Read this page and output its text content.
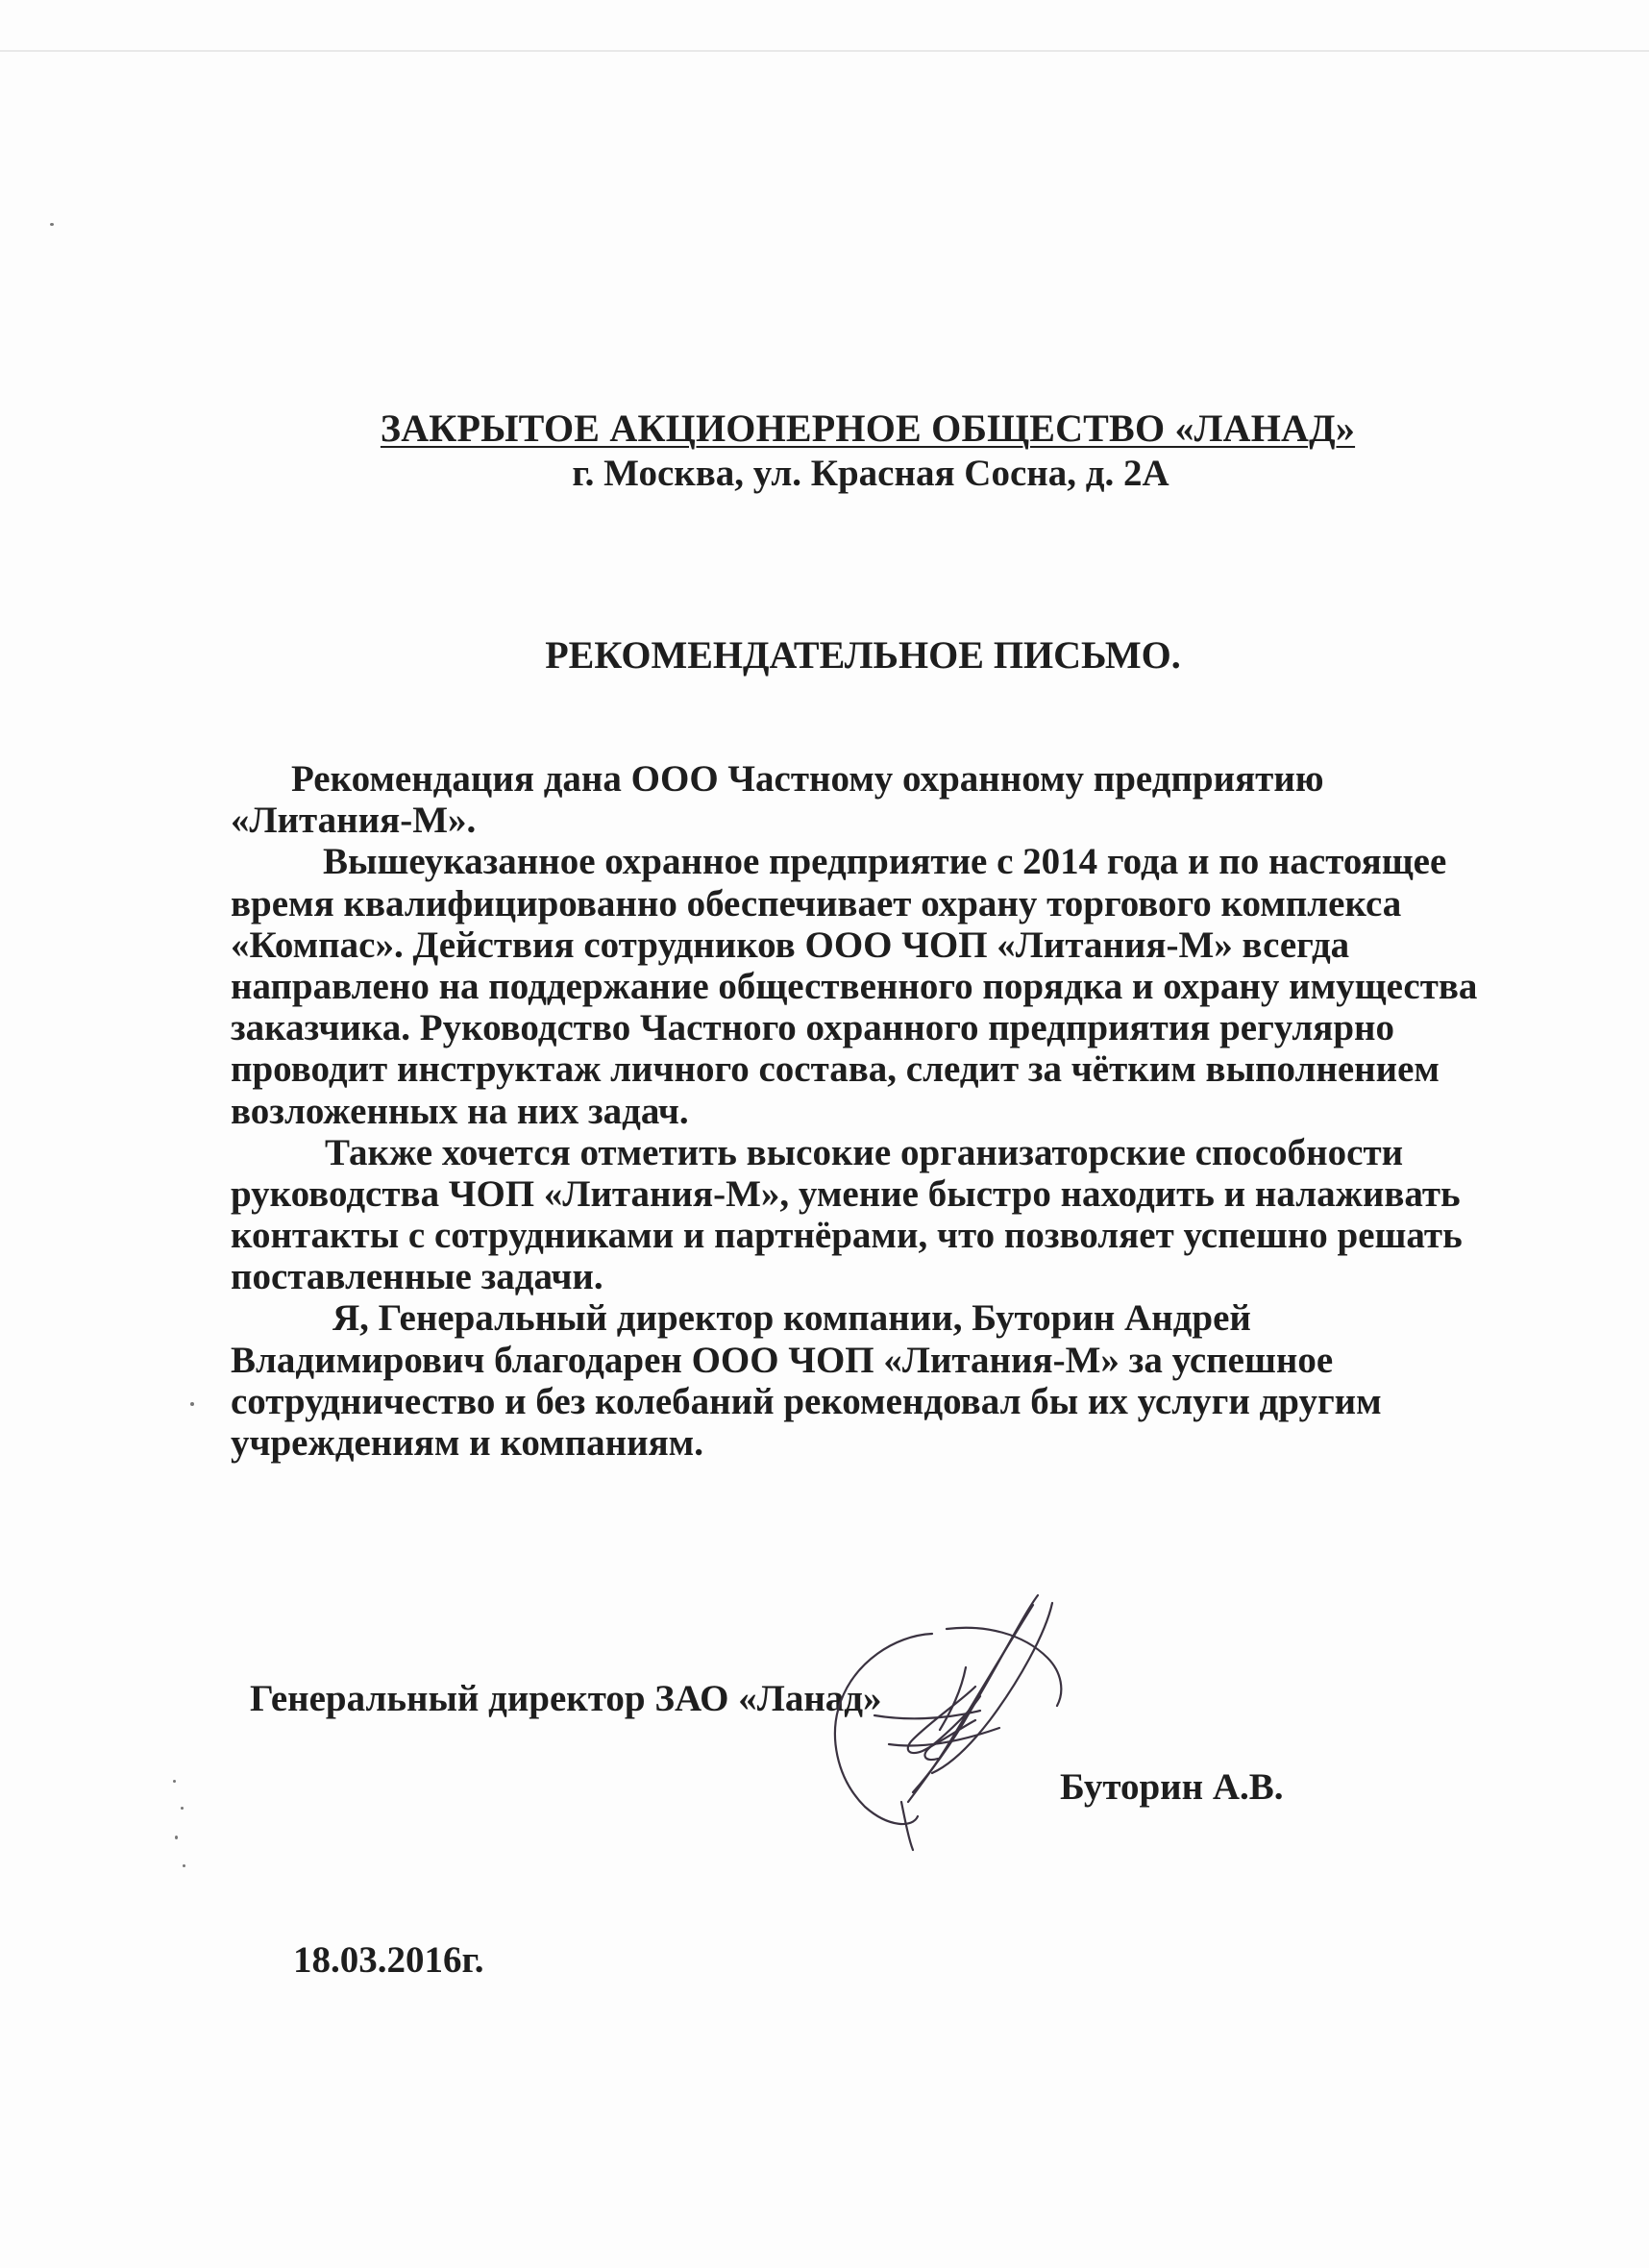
ЗАКРЫТОЕ АКЦИОНЕРНОЕ ОБЩЕСТВО «ЛАНАД»
г. Москва, ул. Красная Сосна, д. 2А
РЕКОМЕНДАТЕЛЬНОЕ ПИСЬМО.
Рекомендация дана ООО Частному охранному предприятию
«Литания-М».
Вышеуказанное охранное предприятие с 2014 года и по настоящее
время квалифицированно обеспечивает охрану торгового комплекса
«Компас». Действия сотрудников ООО ЧОП «Литания-М» всегда
направлено на поддержание общественного порядка и охрану имущества
заказчика. Руководство Частного охранного предприятия регулярно
проводит инструктаж личного состава, следит за чётким выполнением
возложенных на них задач.
Также хочется отметить высокие организаторские способности
руководства ЧОП «Литания-М», умение быстро находить и налаживать
контакты с сотрудниками и партнёрами, что позволяет успешно решать
поставленные задачи.
Я, Генеральный директор компании, Буторин Андрей
Владимирович благодарен ООО ЧОП «Литания-М» за успешное
сотрудничество и без колебаний рекомендовал бы их услуги другим
учреждениям и компаниям.
Генеральный директор ЗАО «Ланад»
Буторин А.В.
18.03.2016г.
